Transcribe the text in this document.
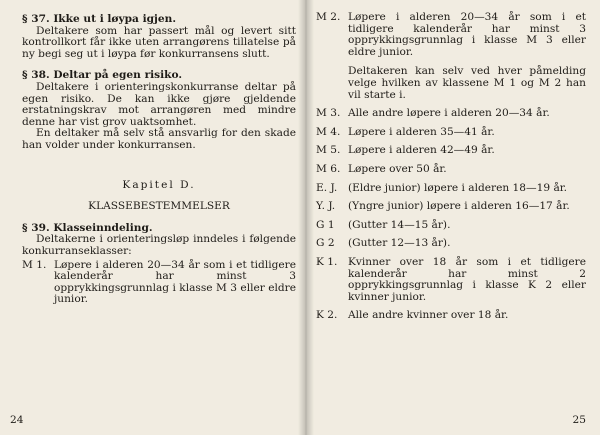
§ 37. Ikke ut i løypa igjen.

Deltakere som har passert mål og levert sitt kontrollkort får ikke uten arrangørens tillatelse på ny begi seg ut i løypa før konkurransens slutt.

§ 38. Deltar på egen risiko.

Deltakere i orienteringskonkurranse deltar på egen risiko. De kan ikke gjøre gjeldende erstatningskrav mot arrangøren med mindre denne har vist grov uaktsomhet.

En deltaker må selv stå ansvarlig for den skade han volder under konkurransen.

Kapitel D.
KLASSEBESTEMMELSER
§ 39. Klasseinndeling.

Deltakerne i orienteringsløp inndeles i følgende konkurranseklasser:

M 1. Løpere i alderen 20—34 år som i et tidligere kalenderår har minst 3 opprykkingsgrunnlag i klasse M 3 eller eldre junior.
24
M 2. Løpere i alderen 20—34 år som i et tidligere kalenderår har minst 3 opprykkingsgrunnlag i klasse M 3 eller eldre junior.
Deltakeren kan selv ved hver påmelding velge hvilken av klassene M 1 og M 2 han vil starte i.
M 3. Alle andre løpere i alderen 20—34 år.
M 4. Løpere i alderen 35—41 år.
M 5. Løpere i alderen 42—49 år.
M 6. Løpere over 50 år.
E. J.	(Eldre junior) løpere i alderen 18—19 år.
Y. J.	(Yngre junior) løpere i alderen 16—17 år.
G 1	(Gutter 14—15 år).
G 2	(Gutter 12—13 år).
K 1.	Kvinner over 18 år som i et tidligere kalenderår har minst 2 opprykkingsgrunnlag i klasse K 2 eller kvinner junior.
K 2.	Alle andre kvinner over 18 år.
25
